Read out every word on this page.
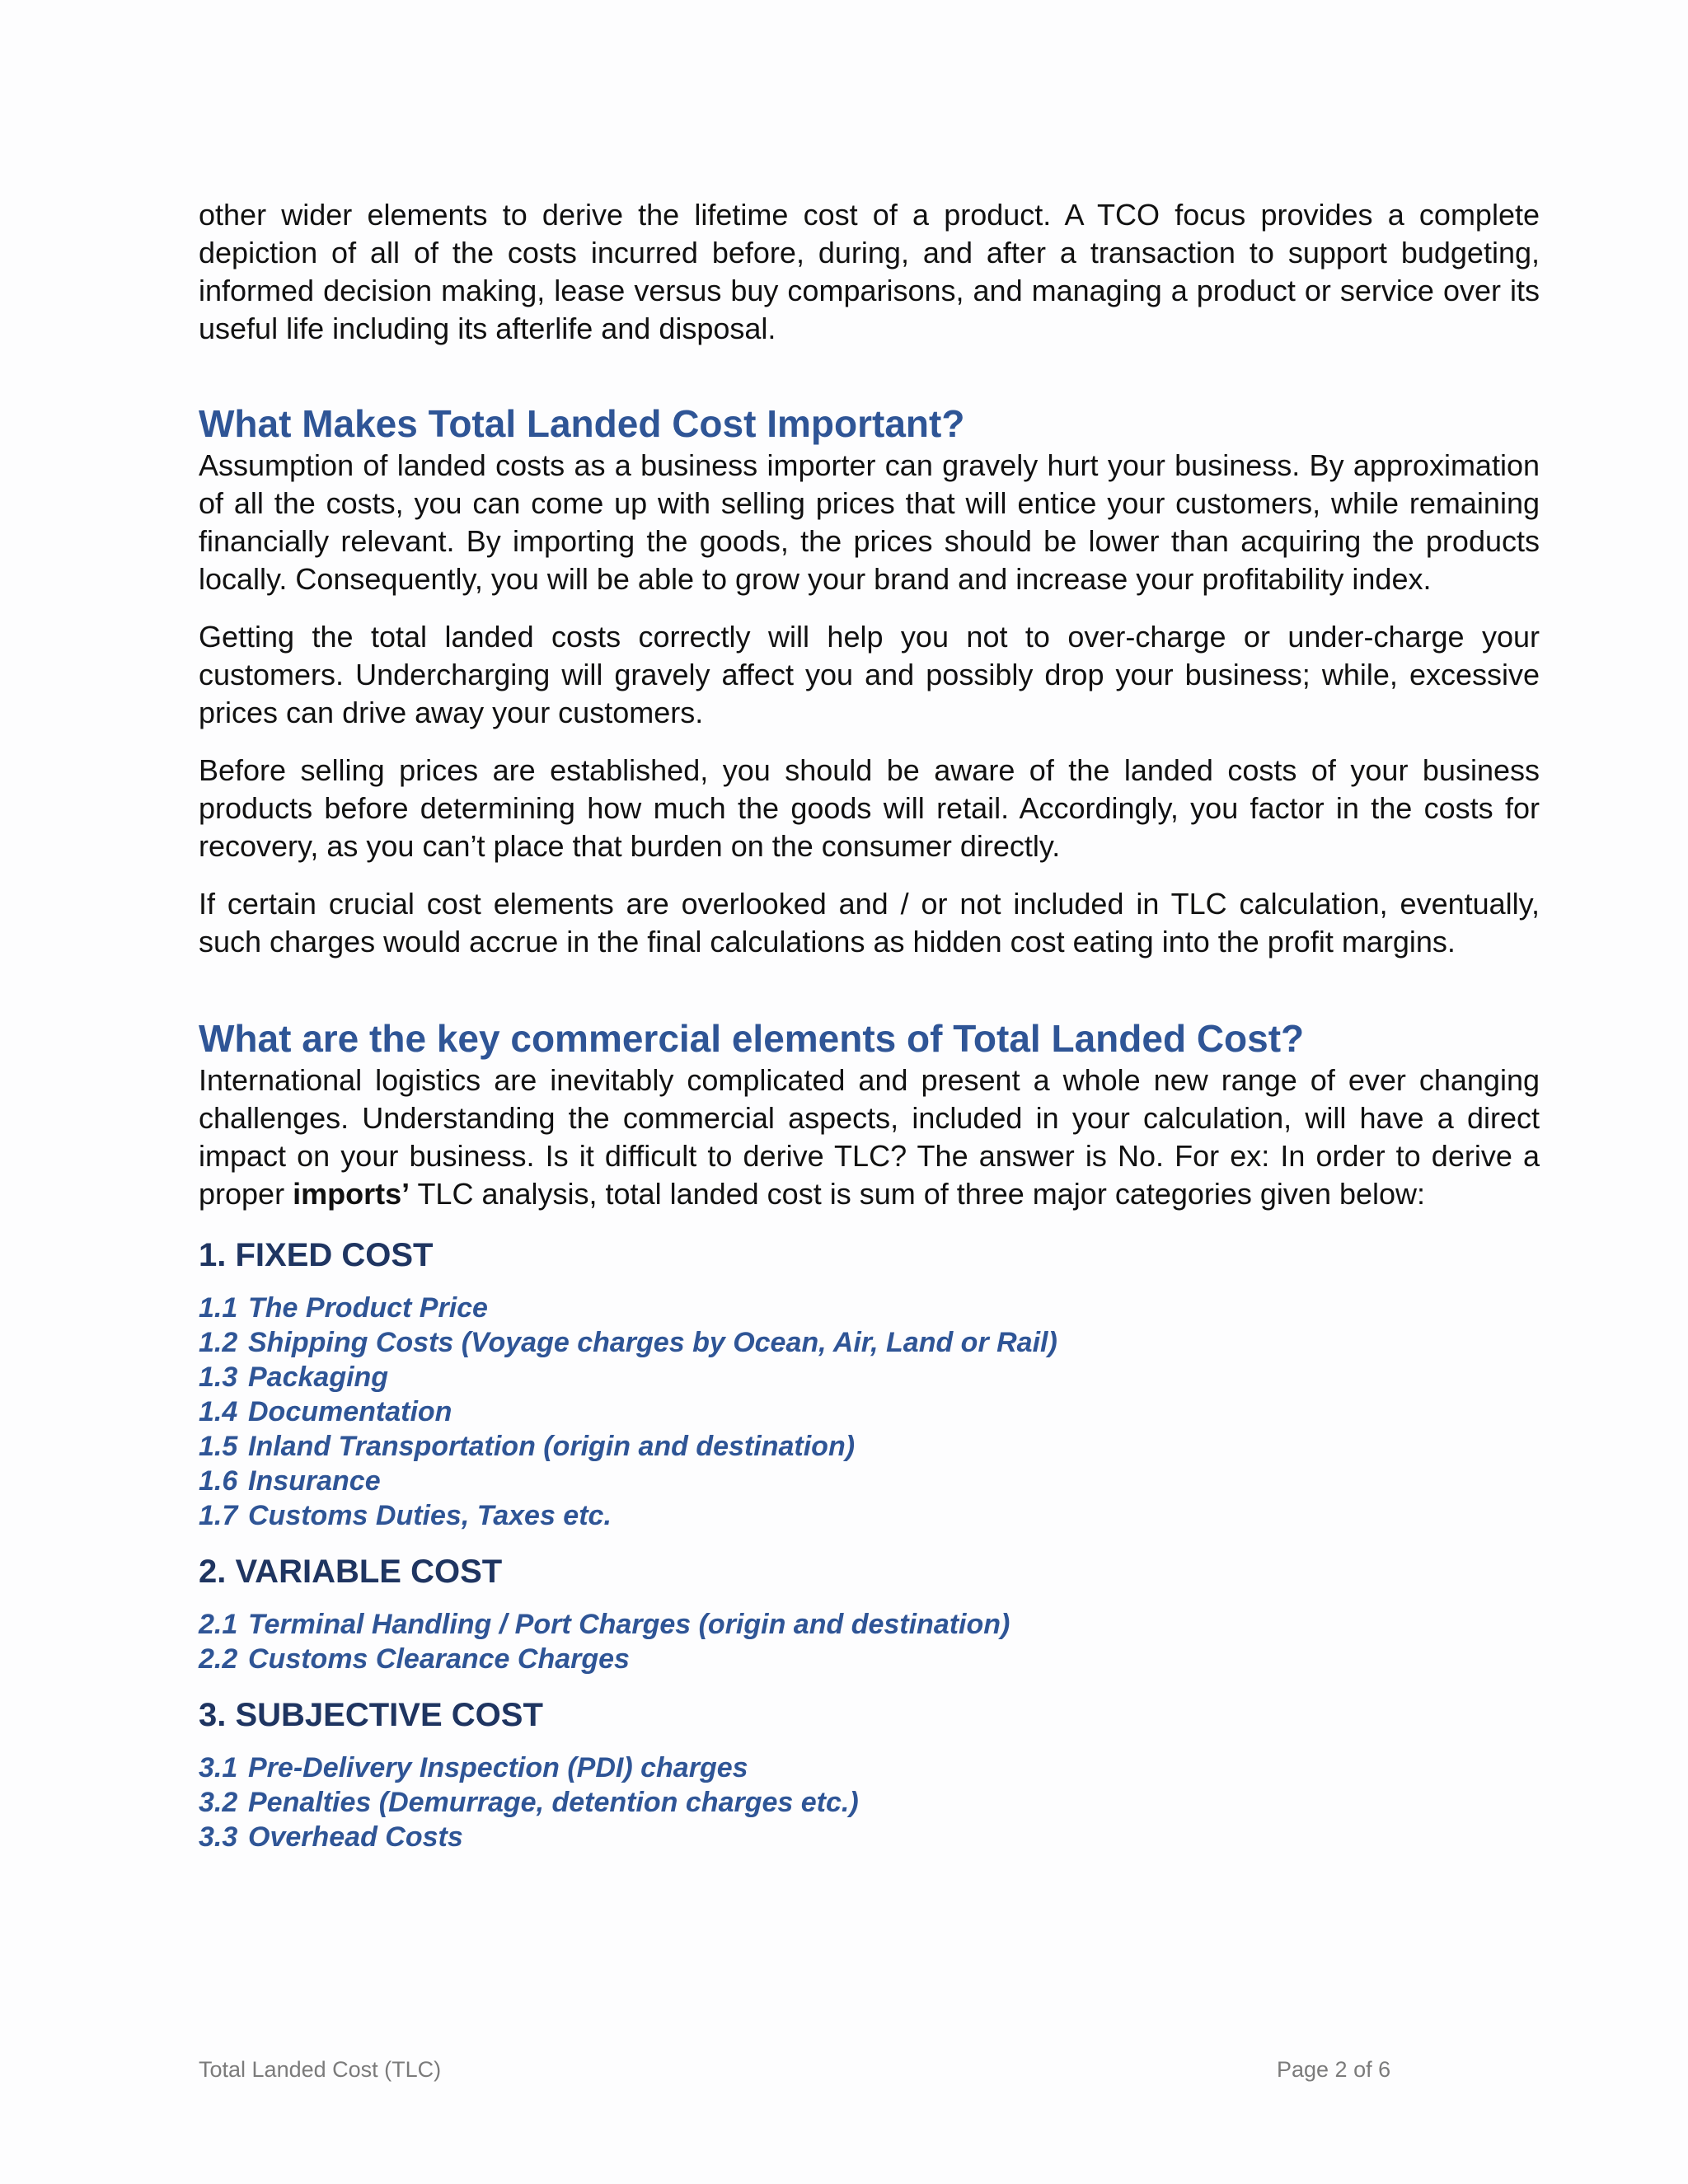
other wider elements to derive the lifetime cost of a product. A TCO focus provides a complete depiction of all of the costs incurred before, during, and after a transaction to support budgeting, informed decision making, lease versus buy comparisons, and managing a product or service over its useful life including its afterlife and disposal.

What Makes Total Landed Cost Important?

Assumption of landed costs as a business importer can gravely hurt your business. By approximation of all the costs, you can come up with selling prices that will entice your customers, while remaining financially relevant. By importing the goods, the prices should be lower than acquiring the products locally. Consequently, you will be able to grow your brand and increase your profitability index.

Getting the total landed costs correctly will help you not to over-charge or under-charge your customers. Undercharging will gravely affect you and possibly drop your business; while, excessive prices can drive away your customers.

Before selling prices are established, you should be aware of the landed costs of your business products before determining how much the goods will retail. Accordingly, you factor in the costs for recovery, as you can’t place that burden on the consumer directly.

If certain crucial cost elements are overlooked and / or not included in TLC calculation, eventually, such charges would accrue in the final calculations as hidden cost eating into the profit margins.

What are the key commercial elements of Total Landed Cost?

International logistics are inevitably complicated and present a whole new range of ever changing challenges. Understanding the commercial aspects, included in your calculation, will have a direct impact on your business. Is it difficult to derive TLC? The answer is No. For ex: In order to derive a proper imports’ TLC analysis, total landed cost is sum of three major categories given below:

1. FIXED COST
1.1 The Product Price
1.2 Shipping Costs (Voyage charges by Ocean, Air, Land or Rail)
1.3 Packaging
1.4 Documentation
1.5 Inland Transportation (origin and destination)
1.6 Insurance
1.7 Customs Duties, Taxes etc.
2. VARIABLE COST
2.1 Terminal Handling / Port Charges (origin and destination)
2.2 Customs Clearance Charges
3. SUBJECTIVE COST
3.1 Pre-Delivery Inspection (PDI) charges
3.2 Penalties (Demurrage, detention charges etc.)
3.3 Overhead Costs
Total Landed Cost (TLC)	Page 2 of 6
